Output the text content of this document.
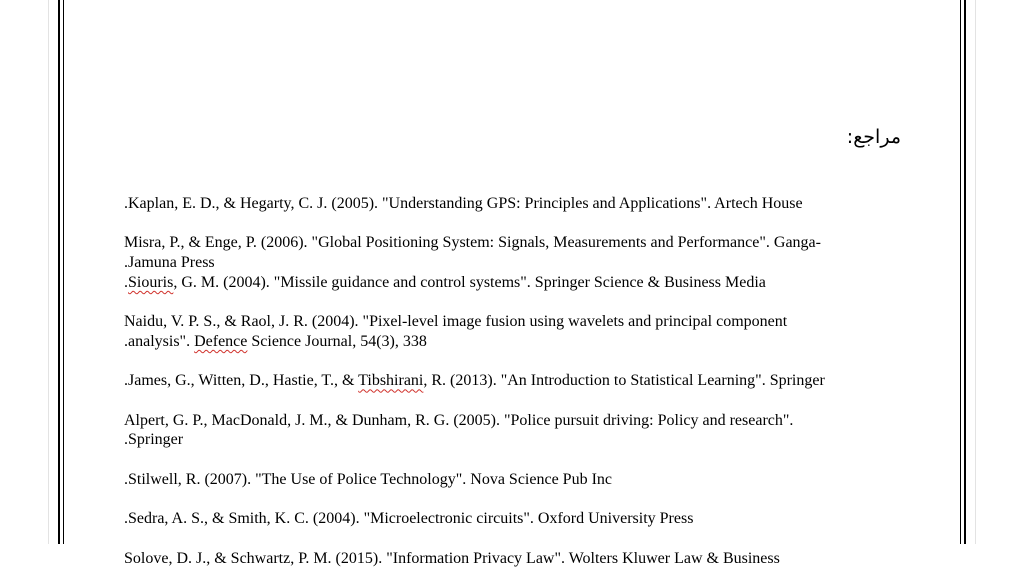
مراجع:

.Kaplan, E. D., & Hegarty, C. J. (2005). "Understanding GPS: Principles and Applications". Artech House

Misra, P., & Enge, P. (2006). "Global Positioning System: Signals, Measurements and Performance". Ganga-
.Jamuna Press

.Siouris, G. M. (2004). "Missile guidance and control systems". Springer Science & Business Media

Naidu, V. P. S., & Raol, J. R. (2004). "Pixel-level image fusion using wavelets and principal component
.analysis". Defence Science Journal, 54(3), 338

.James, G., Witten, D., Hastie, T., & Tibshirani, R. (2013). "An Introduction to Statistical Learning". Springer

Alpert, G. P., MacDonald, J. M., & Dunham, R. G. (2005). "Police pursuit driving: Policy and research".
.Springer

.Stilwell, R. (2007). "The Use of Police Technology". Nova Science Pub Inc

.Sedra, A. S., & Smith, K. C. (2004). "Microelectronic circuits". Oxford University Press

Solove, D. J., & Schwartz, P. M. (2015). "Information Privacy Law". Wolters Kluwer Law & Business
